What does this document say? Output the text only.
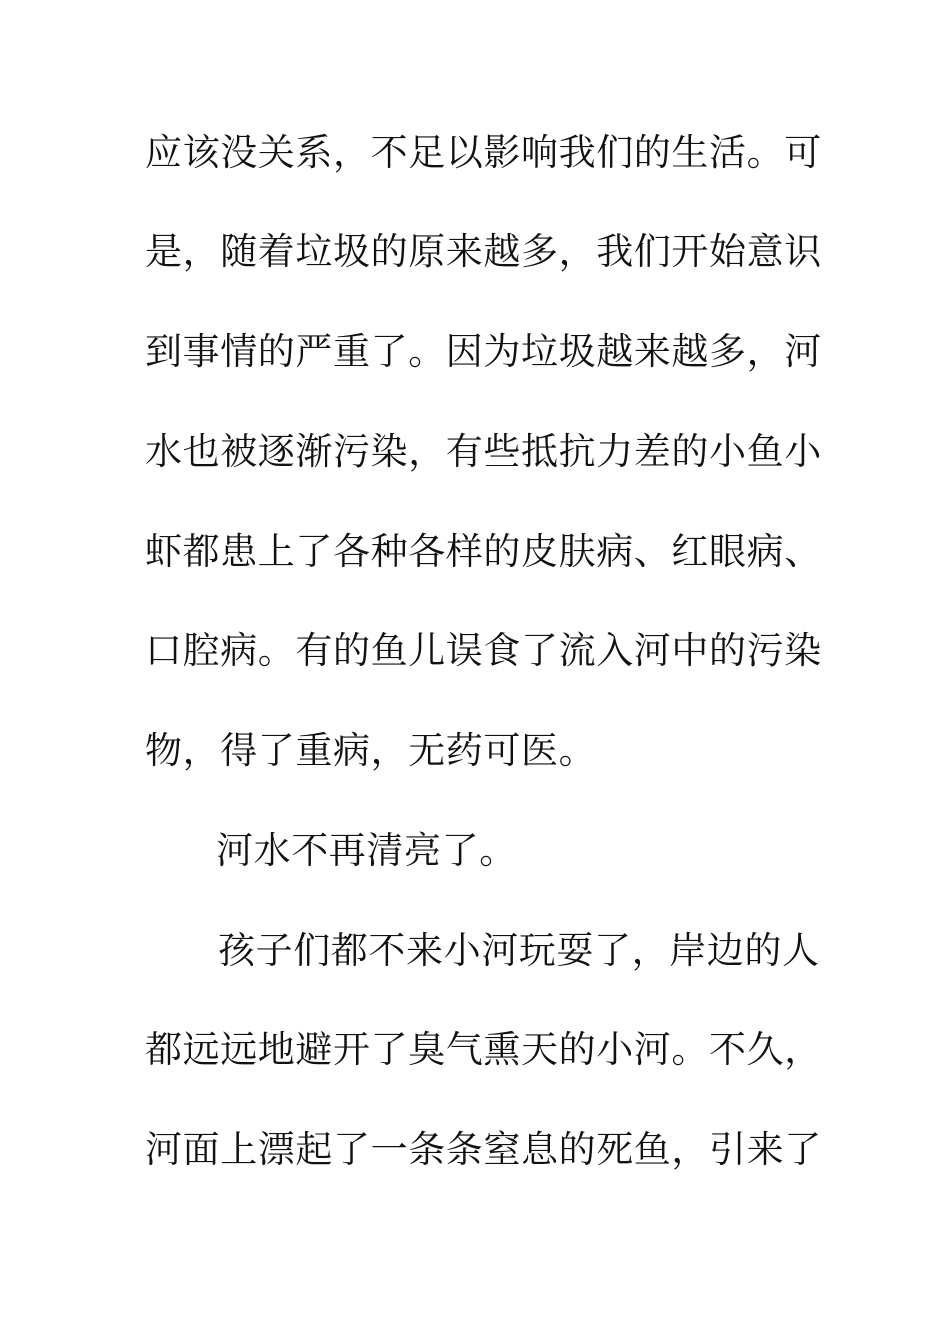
应该没关系，不足以影响我们的生活。可
是，随着垃圾的原来越多，我们开始意识
到事情的严重了。因为垃圾越来越多，河
水也被逐渐污染，有些抵抗力差的小鱼小
虾都患上了各种各样的皮肤病、红眼病、
口腔病。有的鱼儿误食了流入河中的污染
物，得了重病，无药可医。
河水不再清亮了。
孩子们都不来小河玩耍了，岸边的人
都远远地避开了臭气熏天的小河。不久，
河面上漂起了一条条窒息的死鱼，引来了
